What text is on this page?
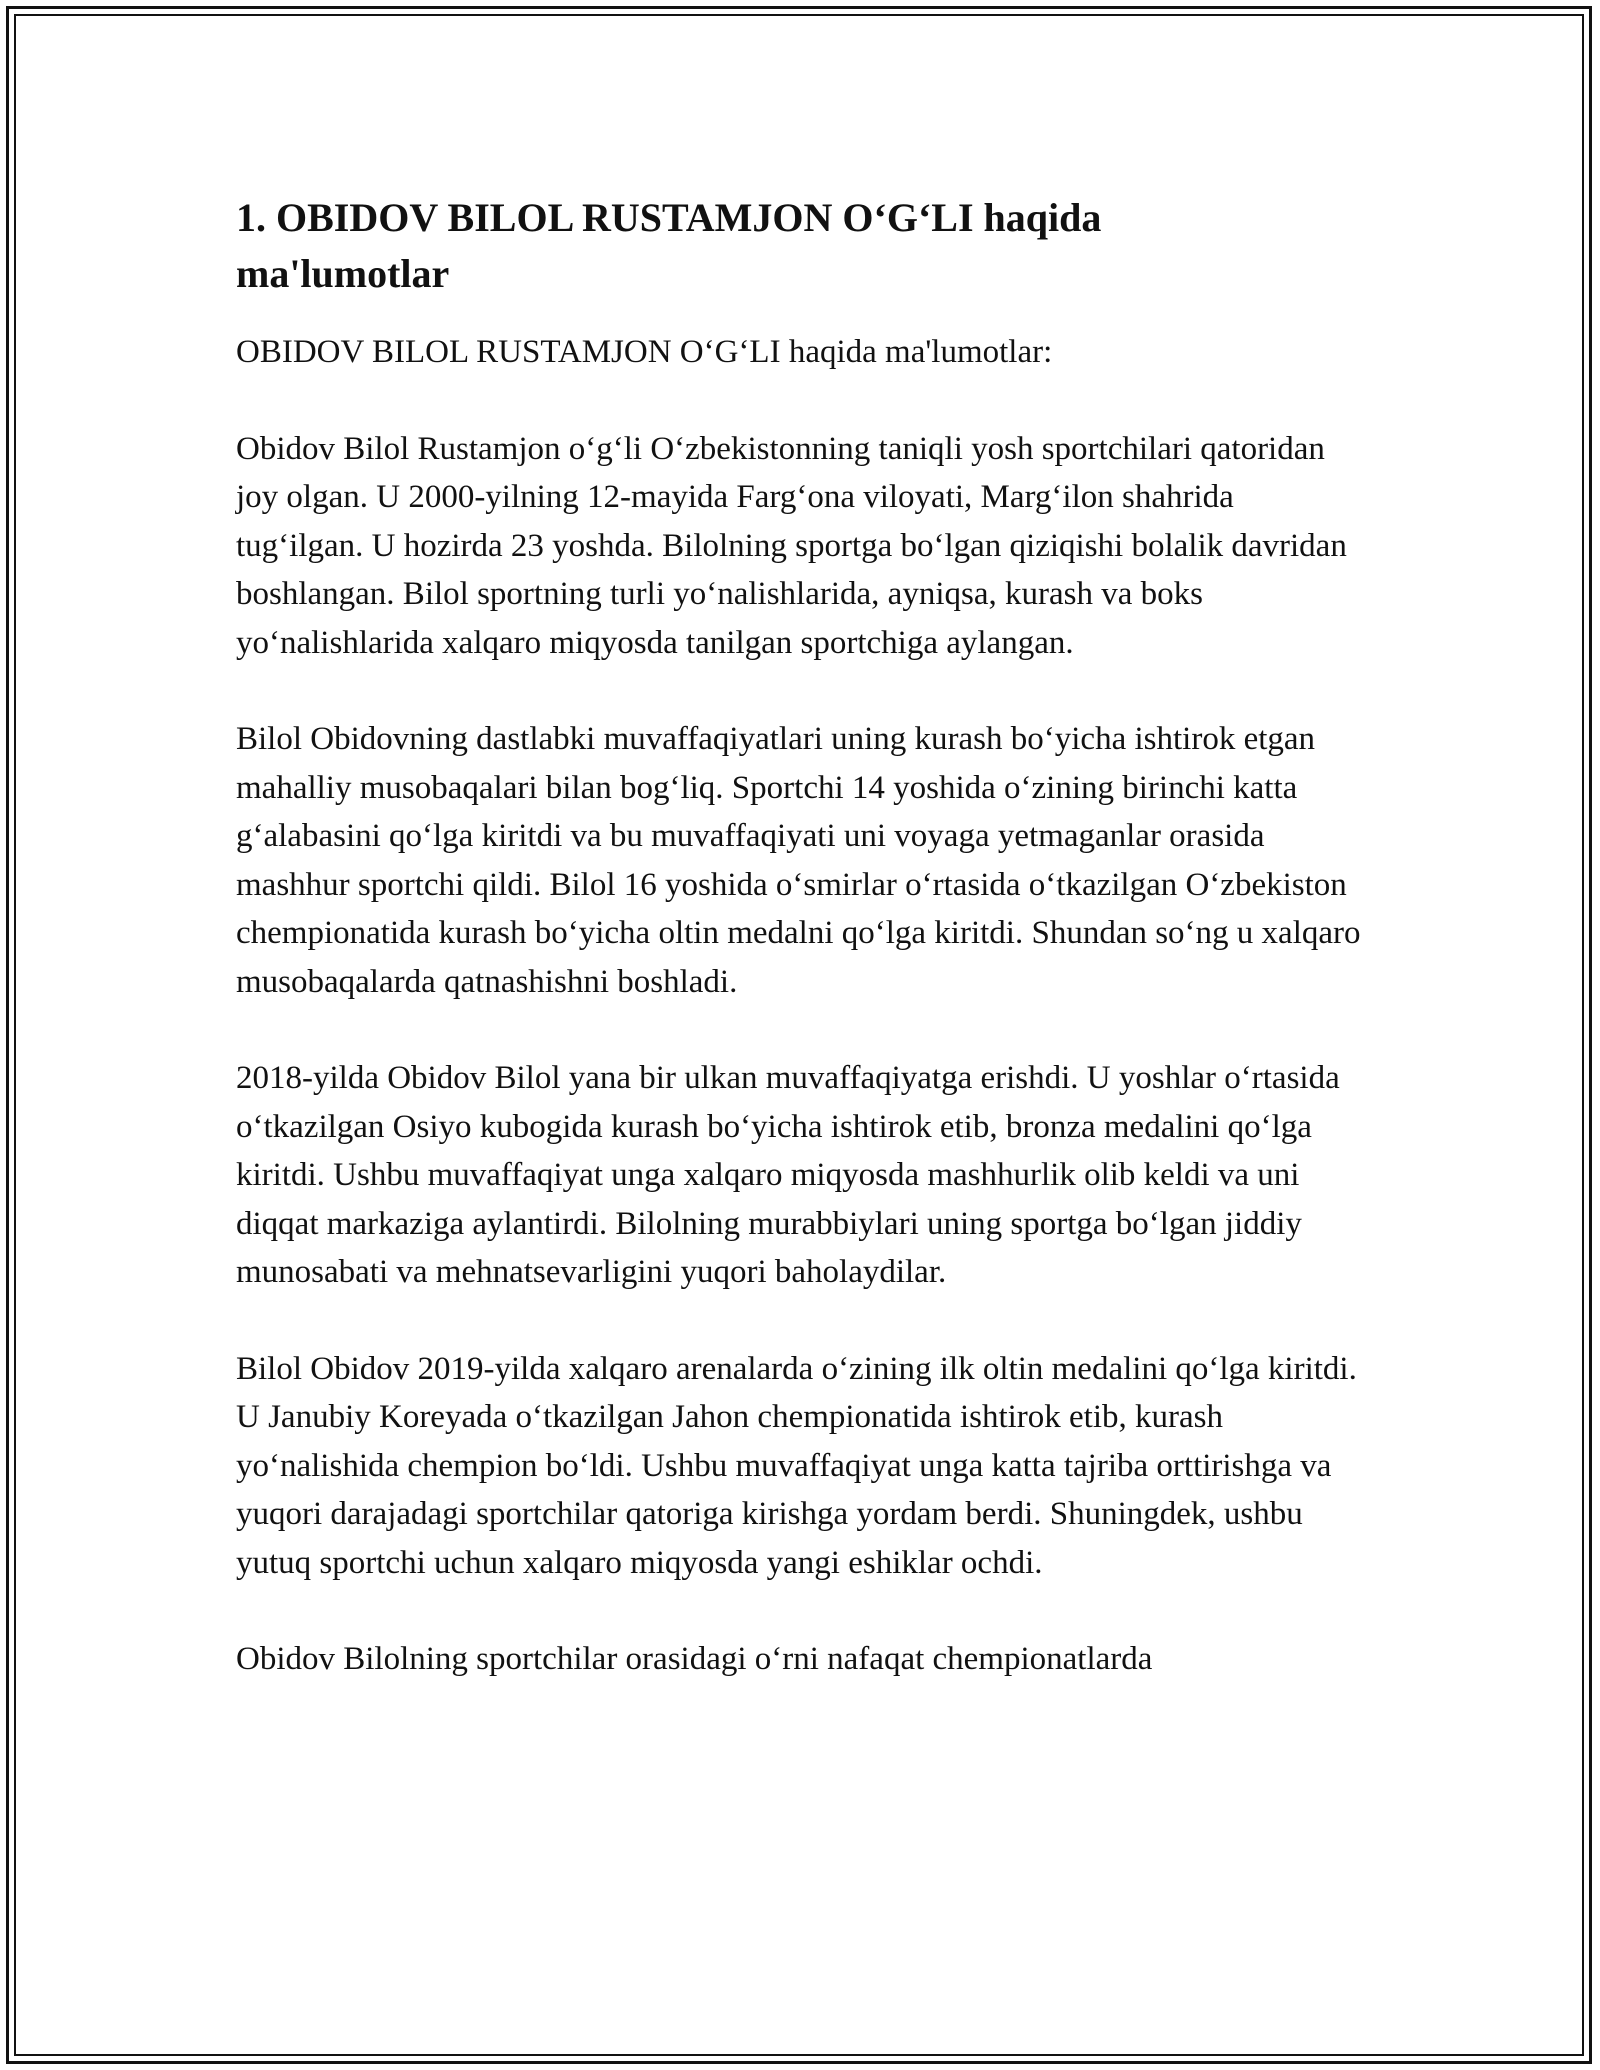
1. OBIDOV BILOL RUSTAMJON O‘G‘LI haqida
ma'lumotlar

OBIDOV BILOL RUSTAMJON O‘G‘LI haqida ma'lumotlar:

Obidov Bilol Rustamjon o‘g‘li O‘zbekistonning taniqli yosh sportchilari qatoridan joy olgan. U 2000-yilning 12-mayida Farg‘ona viloyati, Marg‘ilon shahrida tug‘ilgan. U hozirda 23 yoshda. Bilolning sportga bo‘lgan qiziqishi bolalik davridan boshlangan. Bilol sportning turli yo‘nalishlarida, ayniqsa, kurash va boks yo‘nalishlarida xalqaro miqyosda tanilgan sportchiga aylangan.

Bilol Obidovning dastlabki muvaffaqiyatlari uning kurash bo‘yicha ishtirok etgan mahalliy musobaqalari bilan bog‘liq. Sportchi 14 yoshida o‘zining birinchi katta g‘alabasini qo‘lga kiritdi va bu muvaffaqiyati uni voyaga yetmaganlar orasida mashhur sportchi qildi. Bilol 16 yoshida o‘smirlar o‘rtasida o‘tkazilgan O‘zbekiston chempionatida kurash bo‘yicha oltin medalni qo‘lga kiritdi. Shundan so‘ng u xalqaro musobaqalarda qatnashishni boshladi.

2018-yilda Obidov Bilol yana bir ulkan muvaffaqiyatga erishdi. U yoshlar o‘rtasida o‘tkazilgan Osiyo kubogida kurash bo‘yicha ishtirok etib, bronza medalini qo‘lga kiritdi. Ushbu muvaffaqiyat unga xalqaro miqyosda mashhurlik olib keldi va uni diqqat markaziga aylantirdi. Bilolning murabbiylari uning sportga bo‘lgan jiddiy munosabati va mehnatsevarligini yuqori baholaydilar.

Bilol Obidov 2019-yilda xalqaro arenalarda o‘zining ilk oltin medalini qo‘lga kiritdi. U Janubiy Koreyada o‘tkazilgan Jahon chempionatida ishtirok etib, kurash yo‘nalishida chempion bo‘ldi. Ushbu muvaffaqiyat unga katta tajriba orttirishga va yuqori darajadagi sportchilar qatoriga kirishga yordam berdi. Shuningdek, ushbu yutuq sportchi uchun xalqaro miqyosda yangi eshiklar ochdi.

Obidov Bilolning sportchilar orasidagi o‘rni nafaqat chempionatlarda
